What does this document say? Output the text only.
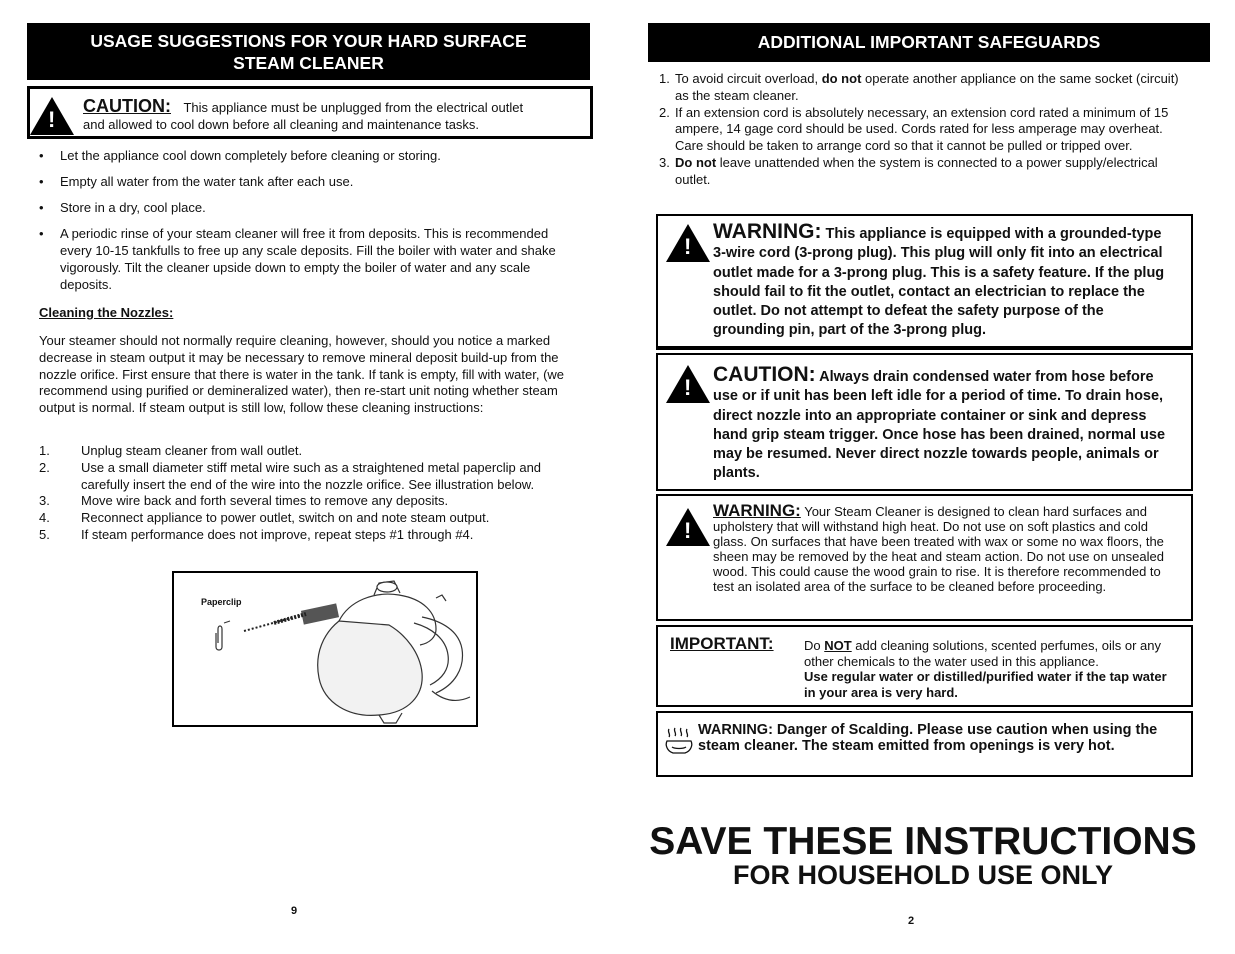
USAGE SUGGESTIONS FOR YOUR HARD SURFACE
STEAM CLEANER
!
CAUTION: This appliance must be unplugged from the electrical outlet
and allowed to cool down before all cleaning and maintenance tasks.
• Let the appliance cool down completely before cleaning or storing.
• Empty all water from the water tank after each use.
• Store in a dry, cool place.
• A periodic rinse of your steam cleaner will free it from deposits. This is recommended every 10-15 tankfulls to free up any scale deposits. Fill the boiler with water and shake vigorously. Tilt the cleaner upside down to empty the boiler of water and any scale deposits.
Cleaning the Nozzles:
Your steamer should not normally require cleaning, however, should you notice a marked decrease in steam output it may be necessary to remove mineral deposit build-up from the nozzle orifice. First ensure that there is water in the tank. If tank is empty, fill with water, (we recommend using purified or demineralized water), then re-start unit noting whether steam output is normal. If steam output is still low, follow these cleaning instructions:
1. Unplug steam cleaner from wall outlet.
2. Use a small diameter stiff metal wire such as a straightened metal paperclip and carefully insert the end of the wire into the nozzle orifice. See illustration below.
3. Move wire back and forth several times to remove any deposits.
4. Reconnect appliance to power outlet, switch on and note steam output.
5. If steam performance does not improve, repeat steps #1 through #4.
Paperclip
9
ADDITIONAL IMPORTANT SAFEGUARDS
1. To avoid circuit overload, do not operate another appliance on the same socket (circuit) as the steam cleaner.
2. If an extension cord is absolutely necessary, an extension cord rated a minimum of 15 ampere, 14 gage cord should be used. Cords rated for less amperage may overheat. Care should be taken to arrange cord so that it cannot be pulled or tripped over.
3. Do not leave unattended when the system is connected to a power supply/electrical outlet.
!
WARNING: This appliance is equipped with a grounded-type 3-wire cord (3-prong plug). This plug will only fit into an electrical outlet made for a 3-prong plug. This is a safety feature. If the plug should fail to fit the outlet, contact an electrician to replace the outlet. Do not attempt to defeat the safety purpose of the grounding pin, part of the 3-prong plug.
!
CAUTION: Always drain condensed water from hose before use or if unit has been left idle for a period of time. To drain hose, direct nozzle into an appropriate container or sink and depress hand grip steam trigger. Once hose has been drained, normal use may be resumed. Never direct nozzle towards people, animals or plants.
!
WARNING: Your Steam Cleaner is designed to clean hard surfaces and upholstery that will withstand high heat. Do not use on soft plastics and cold glass. On surfaces that have been treated with wax or some no wax floors, the sheen may be removed by the heat and steam action. Do not use on unsealed wood. This could cause the wood grain to rise. It is therefore recommended to test an isolated area of the surface to be cleaned before proceeding.
IMPORTANT: Do NOT add cleaning solutions, scented perfumes, oils or any other chemicals to the water used in this appliance.
Use regular water or distilled/purified water if the tap water in your area is very hard.
WARNING: Danger of Scalding. Please use caution when using the steam cleaner. The steam emitted from openings is very hot.
SAVE THESE INSTRUCTIONS
FOR HOUSEHOLD USE ONLY
2
